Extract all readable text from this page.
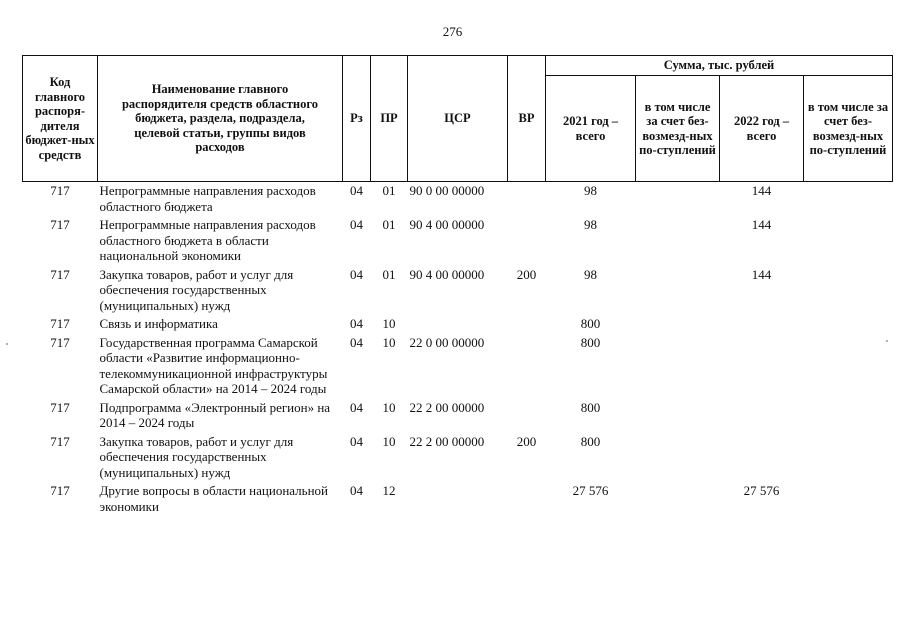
276
Код главного распоря-дителя бюджет-ных средств	Наименование главного распорядителя средств областного бюджета, раздела, подраздела, целевой статьи, группы видов расходов	Рз	ПР	ЦСР	ВР	Сумма, тыс. рублей			
						2021 год – всего	в том числе за счет без-возмезд-ных по-ступлений	2022 год – всего	в том числе за счет без-возмезд-ных по-ступлений
717	Непрограммные направления расходов областного бюджета	04	01	90 0 00 00000		98		144	
717	Непрограммные направления расходов областного бюджета в области национальной экономики	04	01	90 4 00 00000		98		144	
717	Закупка товаров, работ и услуг для обеспечения государственных (муниципальных) нужд	04	01	90 4 00 00000	200	98		144	
717	Связь и информатика	04	10			800			
717	Государственная программа Самарской области «Развитие информационно-телекоммуникационной инфраструктуры Самарской области» на 2014 – 2024 годы	04	10	22 0 00 00000		800			
717	Подпрограмма «Электронный регион» на 2014 – 2024 годы	04	10	22 2 00 00000		800			
717	Закупка товаров, работ и услуг для обеспечения государственных (муниципальных) нужд	04	10	22 2 00 00000	200	800			
717	Другие вопросы в области национальной экономики	04	12			27 576		27 576	
